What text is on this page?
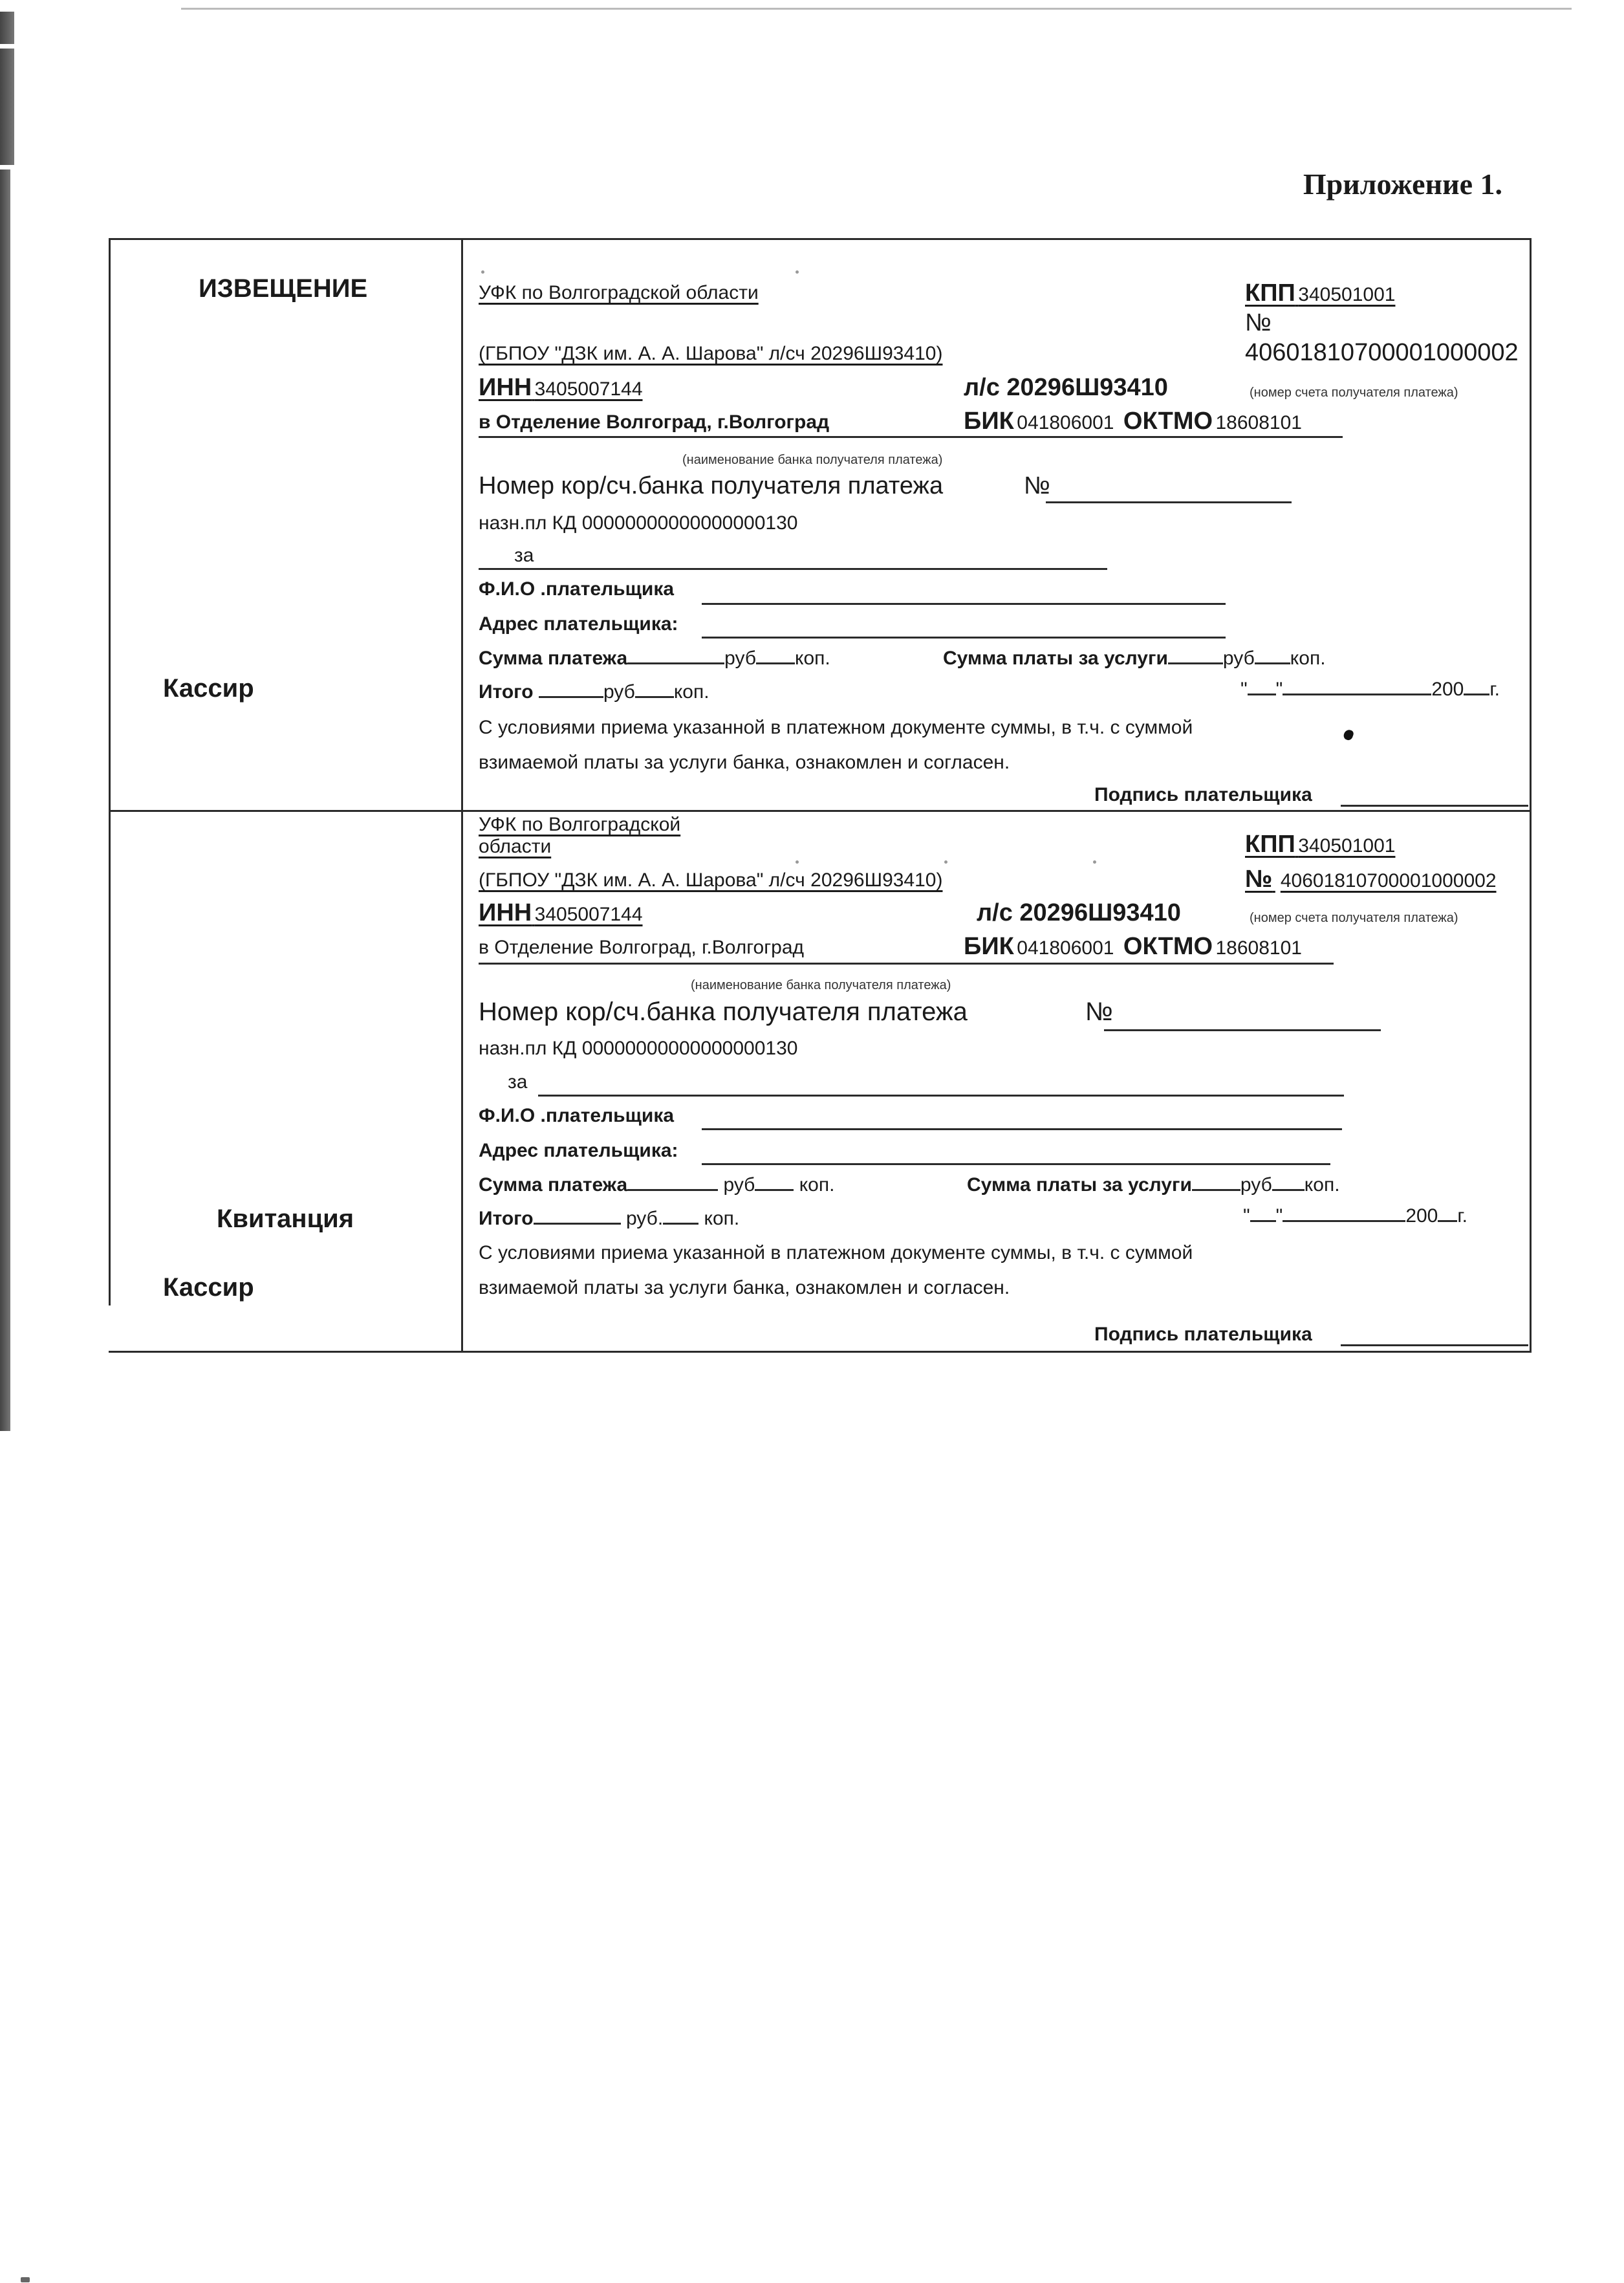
Приложение 1.
ИЗВЕЩЕНИЕ
Кассир
УФК по Волгоградской области
(ГБПОУ "ДЗК им. А. А. Шарова" л/сч 20296Ш93410)
КПП 340501001
№
40601810700001000002
(номер счета получателя платежа)
ИНН 3405007144	л/с 20296Ш93410
в Отделение Волгоград, г.Волгоград	БИК 041806001 ОКТМО 18608101
(наименование банка получателя платежа)
Номер кор/сч.банка получателя платежа	№
назн.пл КД 00000000000000000130
за
Ф.И.О .плательщика
Адрес плательщика:
Сумма платежа	руб коп.	Сумма платы за услуги	руб коп.
Итого	руб коп.	" "	200 г.
С условиями приема указанной в платежном документе суммы, в т.ч. с суммой
взимаемой платы за услуги банка, ознакомлен и согласен.
Подпись плательщика
Квитанция
Кассир
УФК по Волгоградской
области	КПП 340501001
(ГБПОУ "ДЗК им. А. А. Шарова" л/сч 20296Ш93410)	№ 40601810700001000002
ИНН 3405007144	л/с 20296Ш93410	(номер счета получателя платежа)
в Отделение Волгоград, г.Волгоград	БИК 041806001 ОКТМО 18608101
(наименование банка получателя платежа)
Номер кор/сч.банка получателя платежа	№
назн.пл КД 00000000000000000130
за
Ф.И.О .плательщика
Адрес плательщика:
Сумма платежа	руб коп.	Сумма платы за услуги	руб коп.
Итого	руб. коп.	" "	200 г.
С условиями приема указанной в платежном документе суммы, в т.ч. с суммой
взимаемой платы за услуги банка, ознакомлен и согласен.
Подпись плательщика
